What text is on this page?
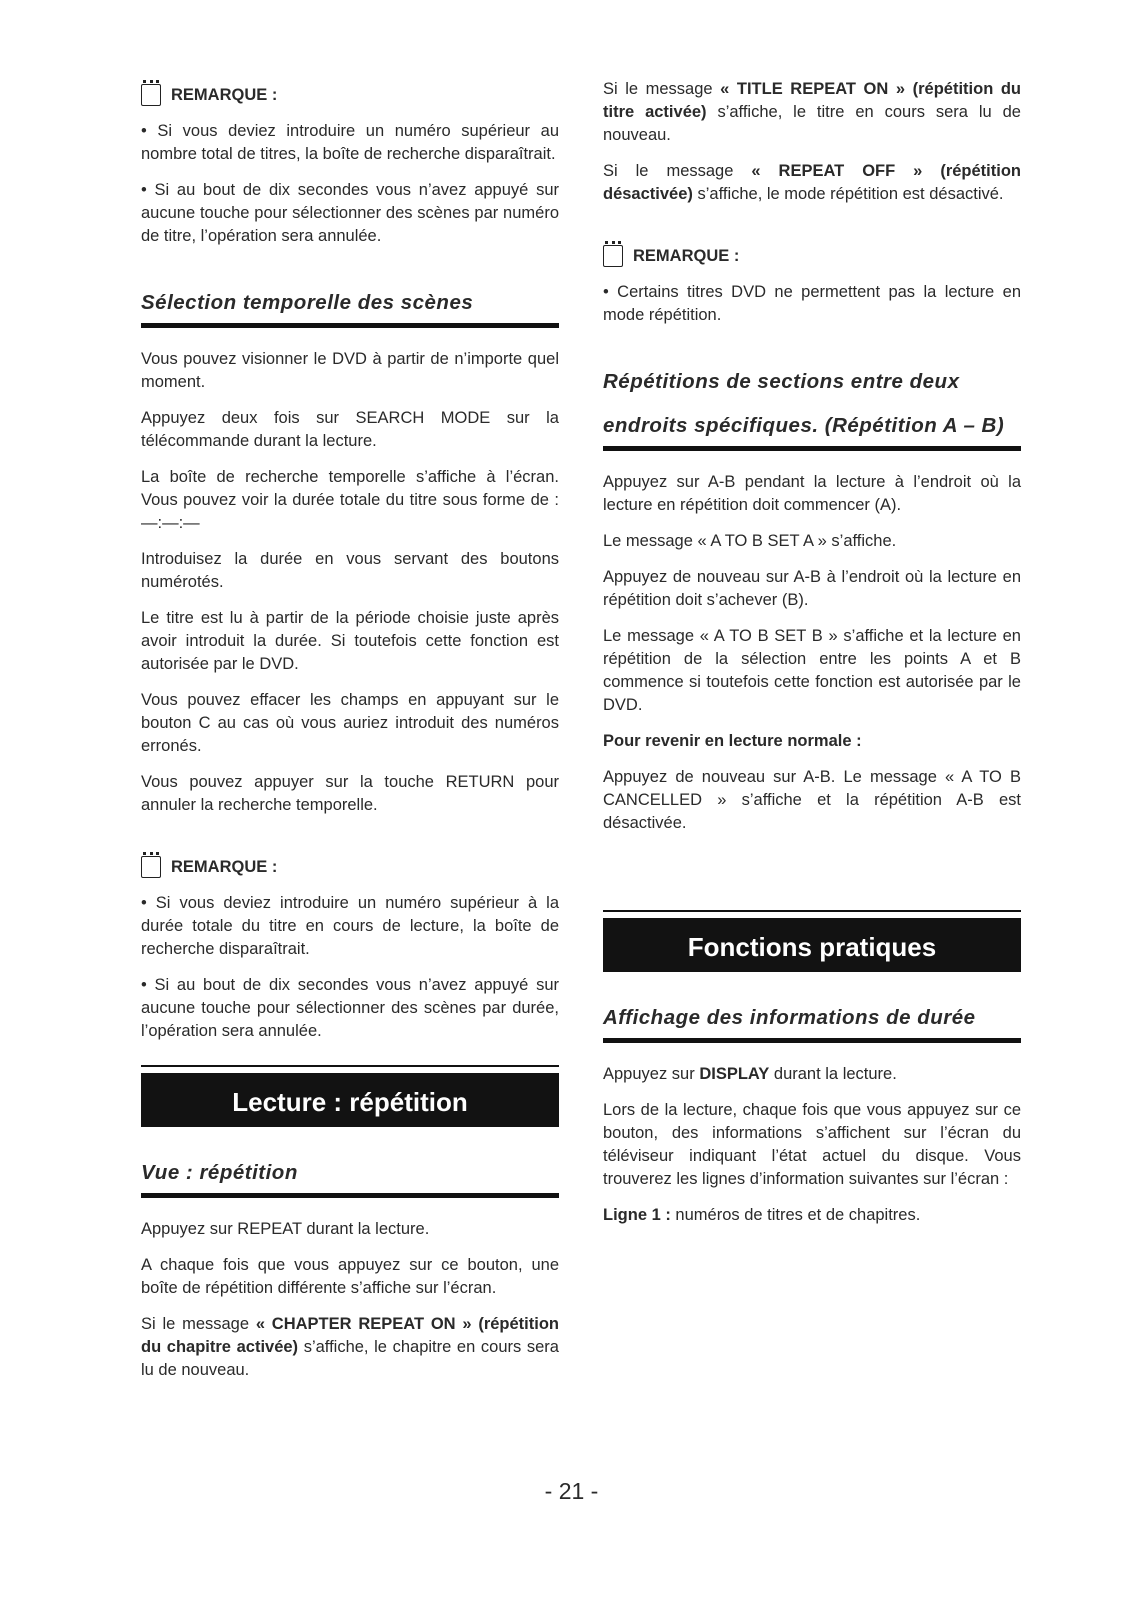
REMARQUE :

• Si vous deviez introduire un numéro supérieur au nombre total de titres, la boîte de recherche disparaîtrait.

• Si au bout de dix secondes vous n’avez appuyé sur aucune touche pour sélectionner des scènes par numéro de titre, l’opération sera annulée.

Sélection temporelle des scènes

Vous pouvez visionner le DVD à partir de n’importe quel moment.

Appuyez deux fois sur SEARCH MODE sur la télécommande durant la lecture.

La boîte de recherche temporelle s’affiche à l’écran. Vous pouvez voir la durée totale du titre sous forme de : —:—:—

Introduisez la durée en vous servant des boutons numérotés.

Le titre est lu à partir de la période choisie juste après avoir introduit la durée. Si toutefois cette fonction est autorisée par le DVD.

Vous pouvez effacer les champs en appuyant sur le bouton C au cas où vous auriez introduit des numéros erronés.

Vous pouvez appuyer sur la touche RETURN pour annuler la recherche temporelle.

REMARQUE :

• Si vous deviez introduire un numéro supérieur à la durée totale du titre en cours de lecture, la boîte de recherche disparaîtrait.

• Si au bout de dix secondes vous n’avez appuyé sur aucune touche pour sélectionner des scènes par durée, l’opération sera annulée.

Lecture : répétition
Vue : répétition

Appuyez sur REPEAT durant la lecture.

A chaque fois que vous appuyez sur ce bouton, une boîte de répétition différente s’affiche sur l’écran.

Si le message « CHAPTER REPEAT ON » (répétition du chapitre activée) s’affiche, le chapitre en cours sera lu de nouveau.

Si le message « TITLE REPEAT ON » (répétition du titre activée) s’affiche, le titre en cours sera lu de nouveau.

Si le message « REPEAT OFF » (répétition désactivée) s’affiche, le mode répétition est désactivé.

REMARQUE :

• Certains titres DVD ne permettent pas la lecture en mode répétition.

Répétitions de sections entre deux
endroits spécifiques. (Répétition A – B)

Appuyez sur A-B pendant la lecture à l’endroit où la lecture en répétition doit commencer (A).

Le message « A TO B SET A » s’affiche.

Appuyez de nouveau sur A-B à l’endroit où la lecture en répétition doit s’achever (B).

Le message « A TO B SET B » s’affiche et la lecture en répétition de la sélection entre les points A et B commence si toutefois cette fonction est autorisée par le DVD.

Pour revenir en lecture normale :

Appuyez de nouveau sur A-B. Le message « A TO B CANCELLED » s’affiche et la répétition A-B est désactivée.

Fonctions pratiques
Affichage des informations de durée

Appuyez sur DISPLAY durant la lecture.

Lors de la lecture, chaque fois que vous appuyez sur ce bouton, des informations s’affichent sur l’écran du téléviseur indiquant l’état actuel du disque. Vous trouverez les lignes d’information suivantes sur l’écran :

Ligne 1 : numéros de titres et de chapitres.

- 21 -
